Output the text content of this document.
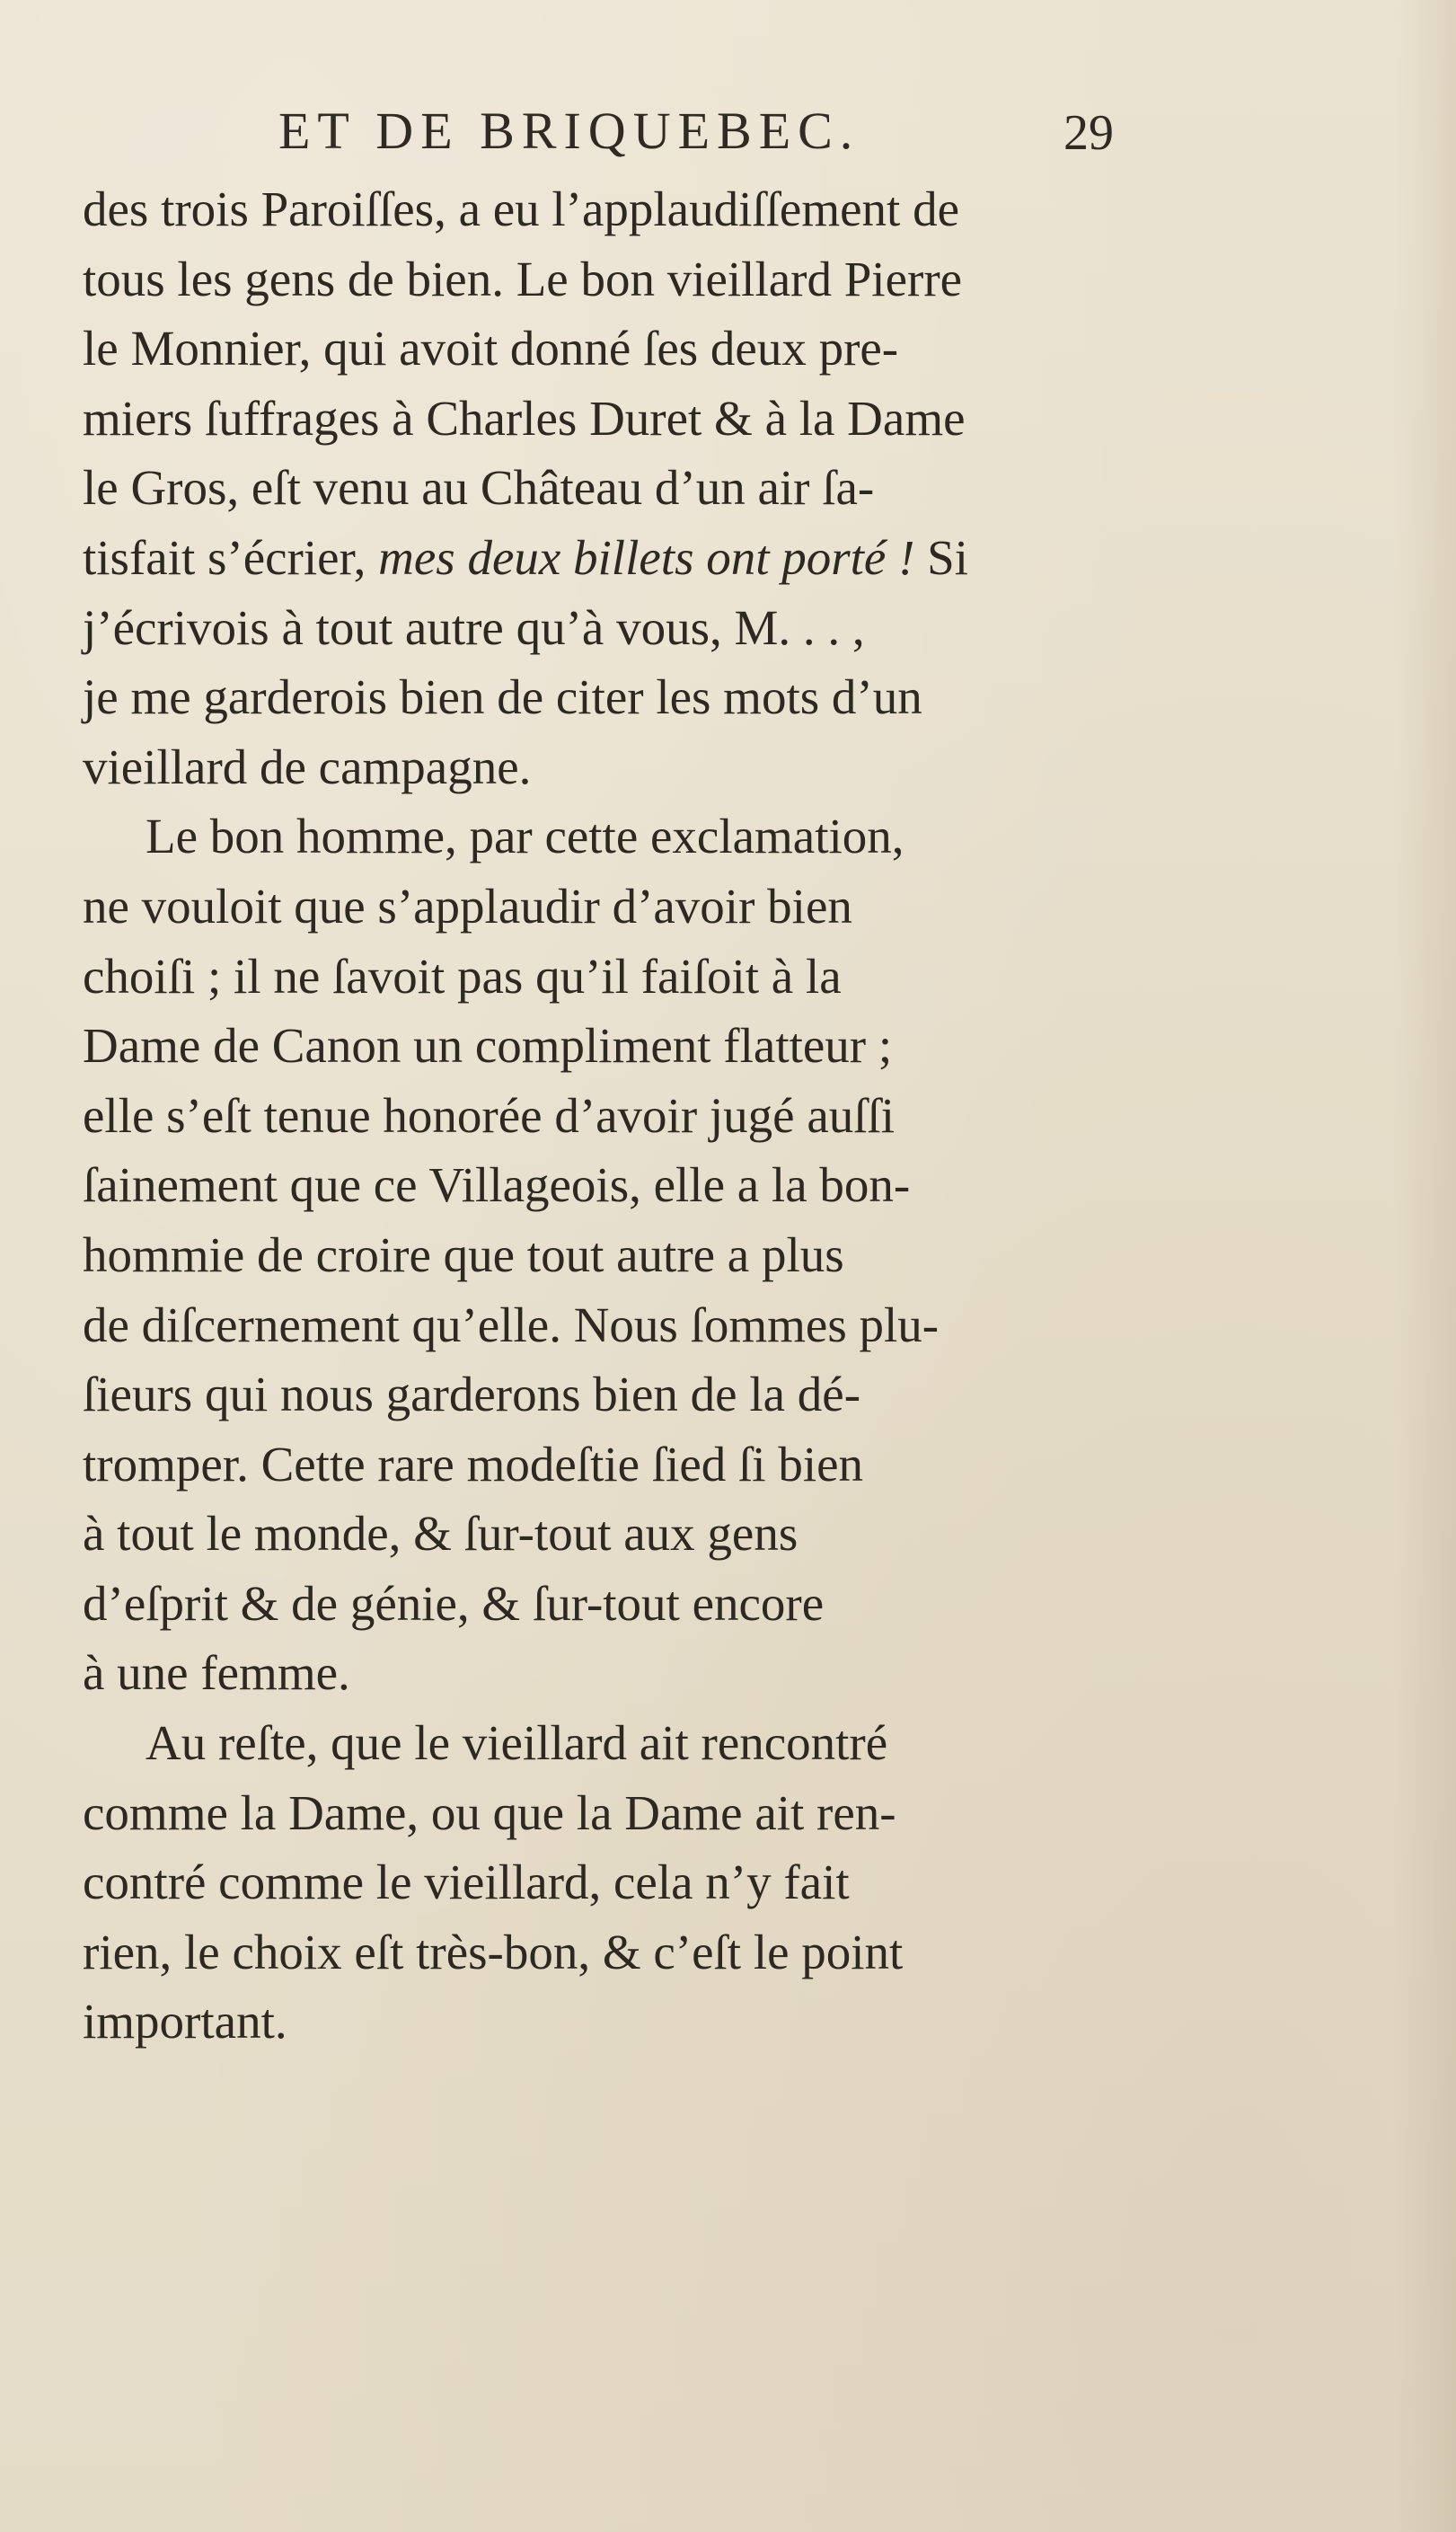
ET DE BRIQUEBEC.	29
des trois Paroiſſes, a eu l’applaudiſſement de
tous les gens de bien. Le bon vieillard Pierre
le Monnier, qui avoit donné ſes deux pre-
miers ſuffrages à Charles Duret & à la Dame
le Gros, eſt venu au Château d’un air ſa-
tisfait s’écrier, mes deux billets ont porté ! Si
j’écrivois à tout autre qu’à vous, M. . . ,
je me garderois bien de citer les mots d’un
vieillard de campagne.
Le bon homme, par cette exclamation,
ne vouloit que s’applaudir d’avoir bien
choiſi ; il ne ſavoit pas qu’il faiſoit à la
Dame de Canon un compliment flatteur ;
elle s’eſt tenue honorée d’avoir jugé auſſi
ſainement que ce Villageois, elle a la bon-
hommie de croire que tout autre a plus
de diſcernement qu’elle. Nous ſommes plu-
ſieurs qui nous garderons bien de la dé-
tromper. Cette rare modeſtie ſied ſi bien
à tout le monde, & ſur-tout aux gens
d’eſprit & de génie, & ſur-tout encore
à une femme.
Au reſte, que le vieillard ait rencontré
comme la Dame, ou que la Dame ait ren-
contré comme le vieillard, cela n’y fait
rien, le choix eſt très-bon, & c’eſt le point
important.
